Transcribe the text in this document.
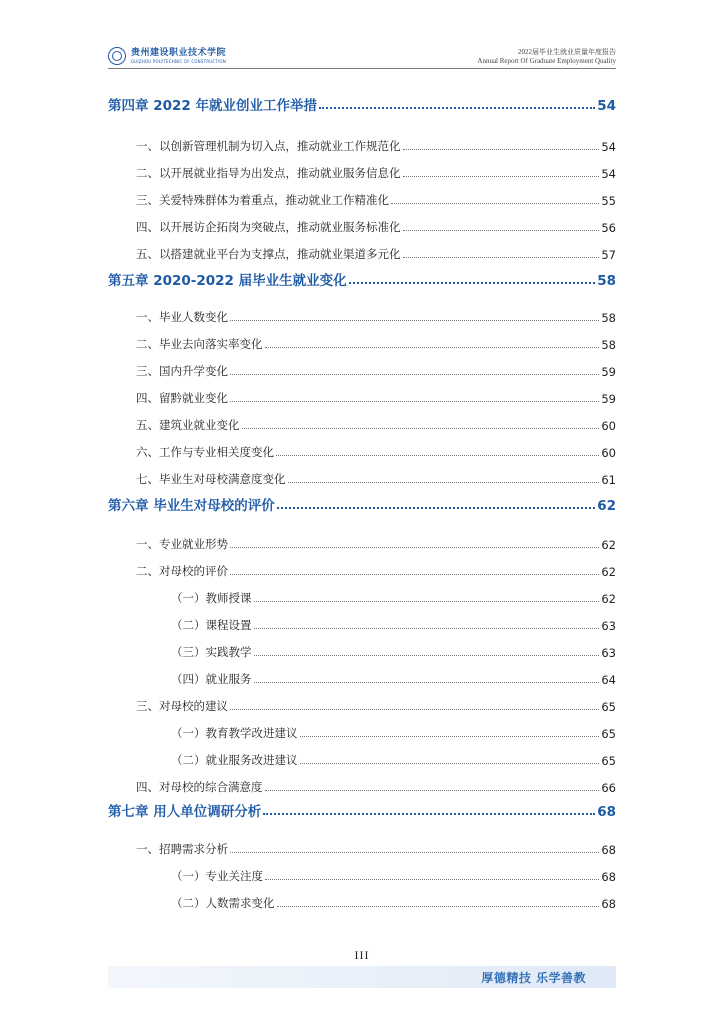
贵州建设职业技术学院
GUIZHOU POLYTECHNIC OF CONSTRUCTION
2022届毕业生就业质量年度报告
Annual Report Of Graduate Employment Quality
第四章 2022 年就业创业工作举措	54
一、以创新管理机制为切入点，推动就业工作规范化	54
二、以开展就业指导为出发点，推动就业服务信息化	54
三、关爱特殊群体为着重点，推动就业工作精准化	55
四、以开展访企拓岗为突破点，推动就业服务标准化	56
五、以搭建就业平台为支撑点，推动就业渠道多元化	57
第五章 2020-2022 届毕业生就业变化	58
一、毕业人数变化	58
二、毕业去向落实率变化	58
三、国内升学变化	59
四、留黔就业变化	59
五、建筑业就业变化	60
六、工作与专业相关度变化	60
七、毕业生对母校满意度变化	61
第六章 毕业生对母校的评价	62
一、专业就业形势	62
二、对母校的评价	62
（一）教师授课	62
（二）课程设置	63
（三）实践教学	63
（四）就业服务	64
三、对母校的建议	65
（一）教育教学改进建议	65
（二）就业服务改进建议	65
四、对母校的综合满意度	66
第七章 用人单位调研分析	68
一、招聘需求分析	68
（一）专业关注度	68
（二）人数需求变化	68
III
厚德精技 乐学善教
